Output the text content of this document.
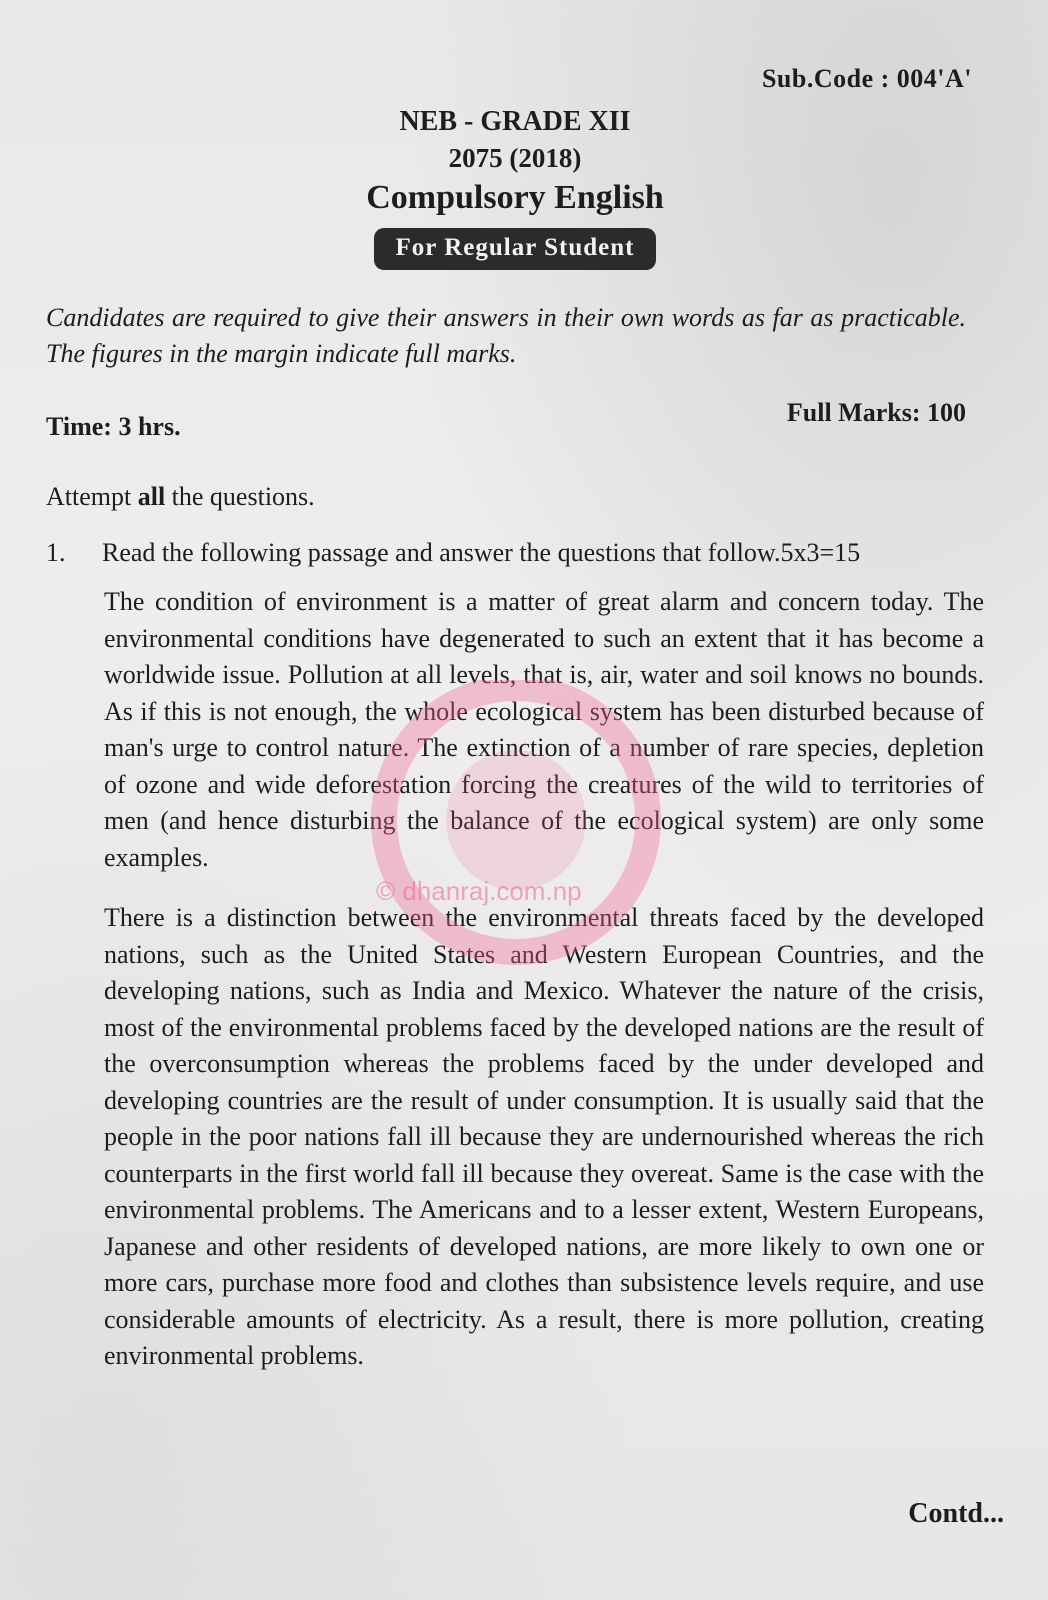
Sub.Code : 004'A'
NEB - GRADE XII
2075 (2018)
Compulsory English
For Regular Student
Candidates are required to give their answers in their own words as far as practicable. The figures in the margin indicate full marks.
Time: 3 hrs.	Full Marks: 100
Attempt all the questions.
1. Read the following passage and answer the questions that follow.5x3=15

The condition of environment is a matter of great alarm and concern today. The environmental conditions have degenerated to such an extent that it has become a worldwide issue. Pollution at all levels, that is, air, water and soil knows no bounds. As if this is not enough, the whole ecological system has been disturbed because of man's urge to control nature. The extinction of a number of rare species, depletion of ozone and wide deforestation forcing the creatures of the wild to territories of men (and hence disturbing the balance of the ecological system) are only some examples.

There is a distinction between the environmental threats faced by the developed nations, such as the United States and Western European Countries, and the developing nations, such as India and Mexico. Whatever the nature of the crisis, most of the environmental problems faced by the developed nations are the result of the overconsumption whereas the problems faced by the under developed and developing countries are the result of under consumption. It is usually said that the people in the poor nations fall ill because they are undernourished whereas the rich counterparts in the first world fall ill because they overeat. Same is the case with the environmental problems. The Americans and to a lesser extent, Western Europeans, Japanese and other residents of developed nations, are more likely to own one or more cars, purchase more food and clothes than subsistence levels require, and use considerable amounts of electricity. As a result, there is more pollution, creating environmental problems.

© dhanraj.com.np
Contd...
